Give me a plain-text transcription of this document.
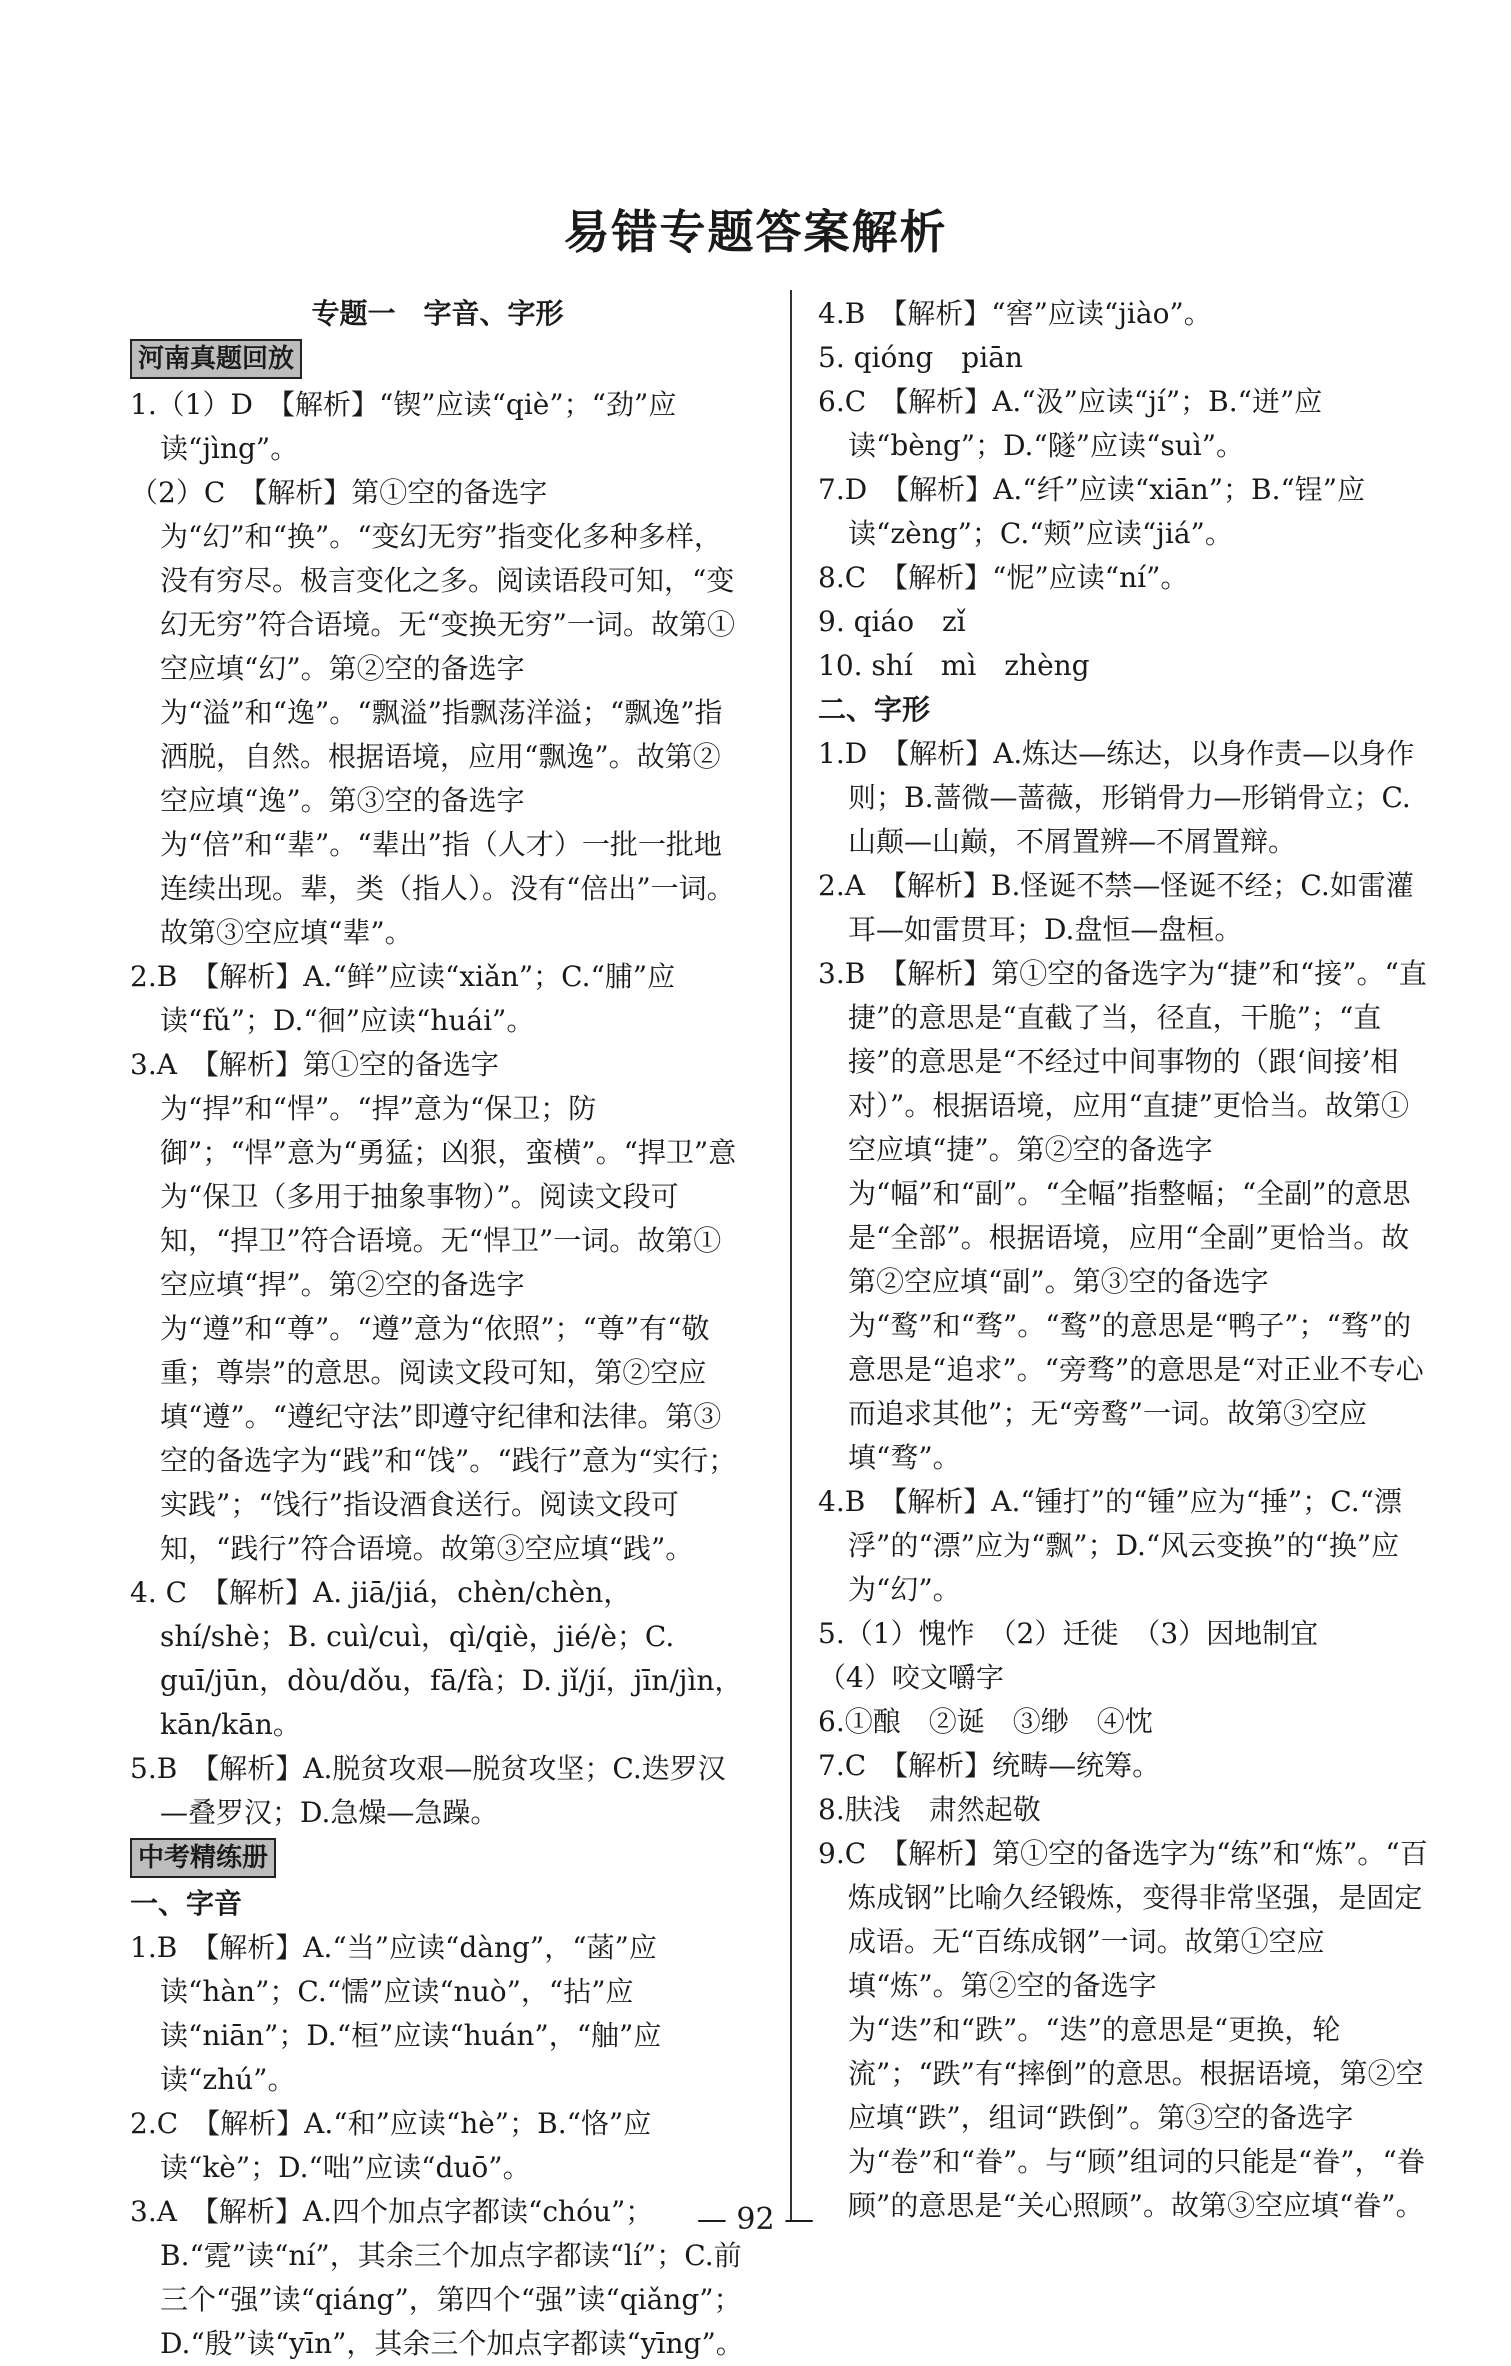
易错专题答案解析
专题一　字音、字形
河南真题回放
1.（1）D　【解析】“锲”应读“qiè”；“劲”应读“jìng”。
（2）C　【解析】第①空的备选字为“幻”和“换”。“变幻无穷”指变化多种多样，没有穷尽。极言变化之多。阅读语段可知，“变幻无穷”符合语境。无“变换无穷”一词。故第①空应填“幻”。第②空的备选字为“溢”和“逸”。“飘溢”指飘荡洋溢；“飘逸”指洒脱，自然。根据语境，应用“飘逸”。故第②空应填“逸”。第③空的备选字为“倍”和“辈”。“辈出”指（人才）一批一批地连续出现。辈，类（指人）。没有“倍出”一词。故第③空应填“辈”。
2.B　【解析】A.“鲜”应读“xiǎn”；C.“脯”应读“fǔ”；D.“徊”应读“huái”。
3.A　【解析】第①空的备选字为“捍”和“悍”。“捍”意为“保卫；防御”；“悍”意为“勇猛；凶狠，蛮横”。“捍卫”意为“保卫（多用于抽象事物）”。阅读文段可知，“捍卫”符合语境。无“悍卫”一词。故第①空应填“捍”。第②空的备选字为“遵”和“尊”。“遵”意为“依照”；“尊”有“敬重；尊崇”的意思。阅读文段可知，第②空应填“遵”。“遵纪守法”即遵守纪律和法律。第③空的备选字为“践”和“饯”。“践行”意为“实行；实践”；“饯行”指设酒食送行。阅读文段可知，“践行”符合语境。故第③空应填“践”。
4. C　【解析】A. jiā/jiá，chèn/chèn，shí/shè；B. cuì/cuì，qì/qiè，jié/è；C. guī/jūn，dòu/dǒu，fā/fà；D. jǐ/jí，jīn/jìn，kān/kān。
5.B　【解析】A.脱贫攻艰—脱贫攻坚；C.迭罗汉—叠罗汉；D.急燥—急躁。
中考精练册
一、字音
1.B　【解析】A.“当”应读“dàng”，“菡”应读“hàn”；C.“懦”应读“nuò”，“拈”应读“niān”；D.“桓”应读“huán”，“舳”应读“zhú”。
2.C　【解析】A.“和”应读“hè”；B.“恪”应读“kè”；D.“咄”应读“duō”。
3.A　【解析】A.四个加点字都读“chóu”；B.“霓”读“ní”，其余三个加点字都读“lí”；C.前三个“强”读“qiáng”，第四个“强”读“qiǎng”；D.“殷”读“yīn”，其余三个加点字都读“yīng”。
4.B　【解析】“窖”应读“jiào”。
5. qióng　piān
6.C　【解析】A.“汲”应读“jí”；B.“迸”应读“bèng”；D.“隧”应读“suì”。
7.D　【解析】A.“纤”应读“xiān”；B.“锃”应读“zèng”；C.“颊”应读“jiá”。
8.C　【解析】“怩”应读“ní”。
9. qiáo　zǐ
10. shí　mì　zhèng
二、字形
1.D　【解析】A.炼达—练达，以身作责—以身作则；B.蔷微—蔷薇，形销骨力—形销骨立；C.山颠—山巅，不屑置辨—不屑置辩。
2.A　【解析】B.怪诞不禁—怪诞不经；C.如雷灌耳—如雷贯耳；D.盘恒—盘桓。
3.B　【解析】第①空的备选字为“捷”和“接”。“直捷”的意思是“直截了当，径直，干脆”；“直接”的意思是“不经过中间事物的（跟‘间接’相对）”。根据语境，应用“直捷”更恰当。故第①空应填“捷”。第②空的备选字为“幅”和“副”。“全幅”指整幅；“全副”的意思是“全部”。根据语境，应用“全副”更恰当。故第②空应填“副”。第③空的备选字为“鹜”和“骛”。“鹜”的意思是“鸭子”；“骛”的意思是“追求”。“旁骛”的意思是“对正业不专心而追求其他”；无“旁鹜”一词。故第③空应填“骛”。
4.B　【解析】A.“锺打”的“锺”应为“捶”；C.“漂浮”的“漂”应为“飘”；D.“风云变换”的“换”应为“幻”。
5.（1）愧怍　（2）迁徙　（3）因地制宜
（4）咬文嚼字
6.①酿　②诞　③缈　④忱
7.C　【解析】统畴—统筹。
8.肤浅　肃然起敬
9.C　【解析】第①空的备选字为“练”和“炼”。“百炼成钢”比喻久经锻炼，变得非常坚强，是固定成语。无“百练成钢”一词。故第①空应填“炼”。第②空的备选字为“迭”和“跌”。“迭”的意思是“更换，轮流”；“跌”有“摔倒”的意思。根据语境，第②空应填“跌”，组词“跌倒”。第③空的备选字为“卷”和“眷”。与“顾”组词的只能是“眷”，“眷顾”的意思是“关心照顾”。故第③空应填“眷”。
— 92 —
